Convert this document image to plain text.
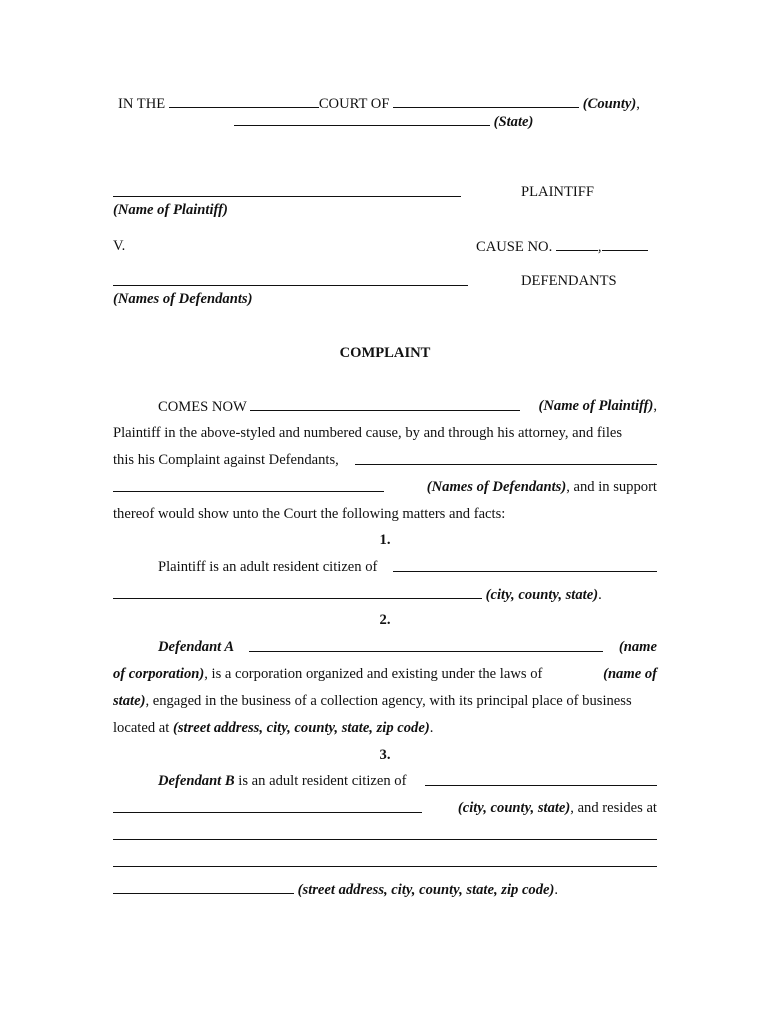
IN THE	COURT OF	(County),
(State)
PLAINTIFF
(Name of Plaintiff)
V.	CAUSE NO.	,
DEFENDANTS
(Names of Defendants)
COMPLAINT
COMES NOW	(Name of Plaintiff),
Plaintiff in the above-styled and numbered cause, by and through his attorney, and files
this his Complaint against Defendants,
(Names of Defendants), and in support
thereof would show unto the Court the following matters and facts:
1.
Plaintiff is an adult resident citizen of
(city, county, state).
2.
Defendant A	(name
of corporation), is a corporation organized and existing under the laws of	(name of
state), engaged in the business of a collection agency, with its principal place of business
located at (street address, city, county, state, zip code).
3.
Defendant B is an adult resident citizen of
(city, county, state), and resides at
(street address, city, county, state, zip code).
